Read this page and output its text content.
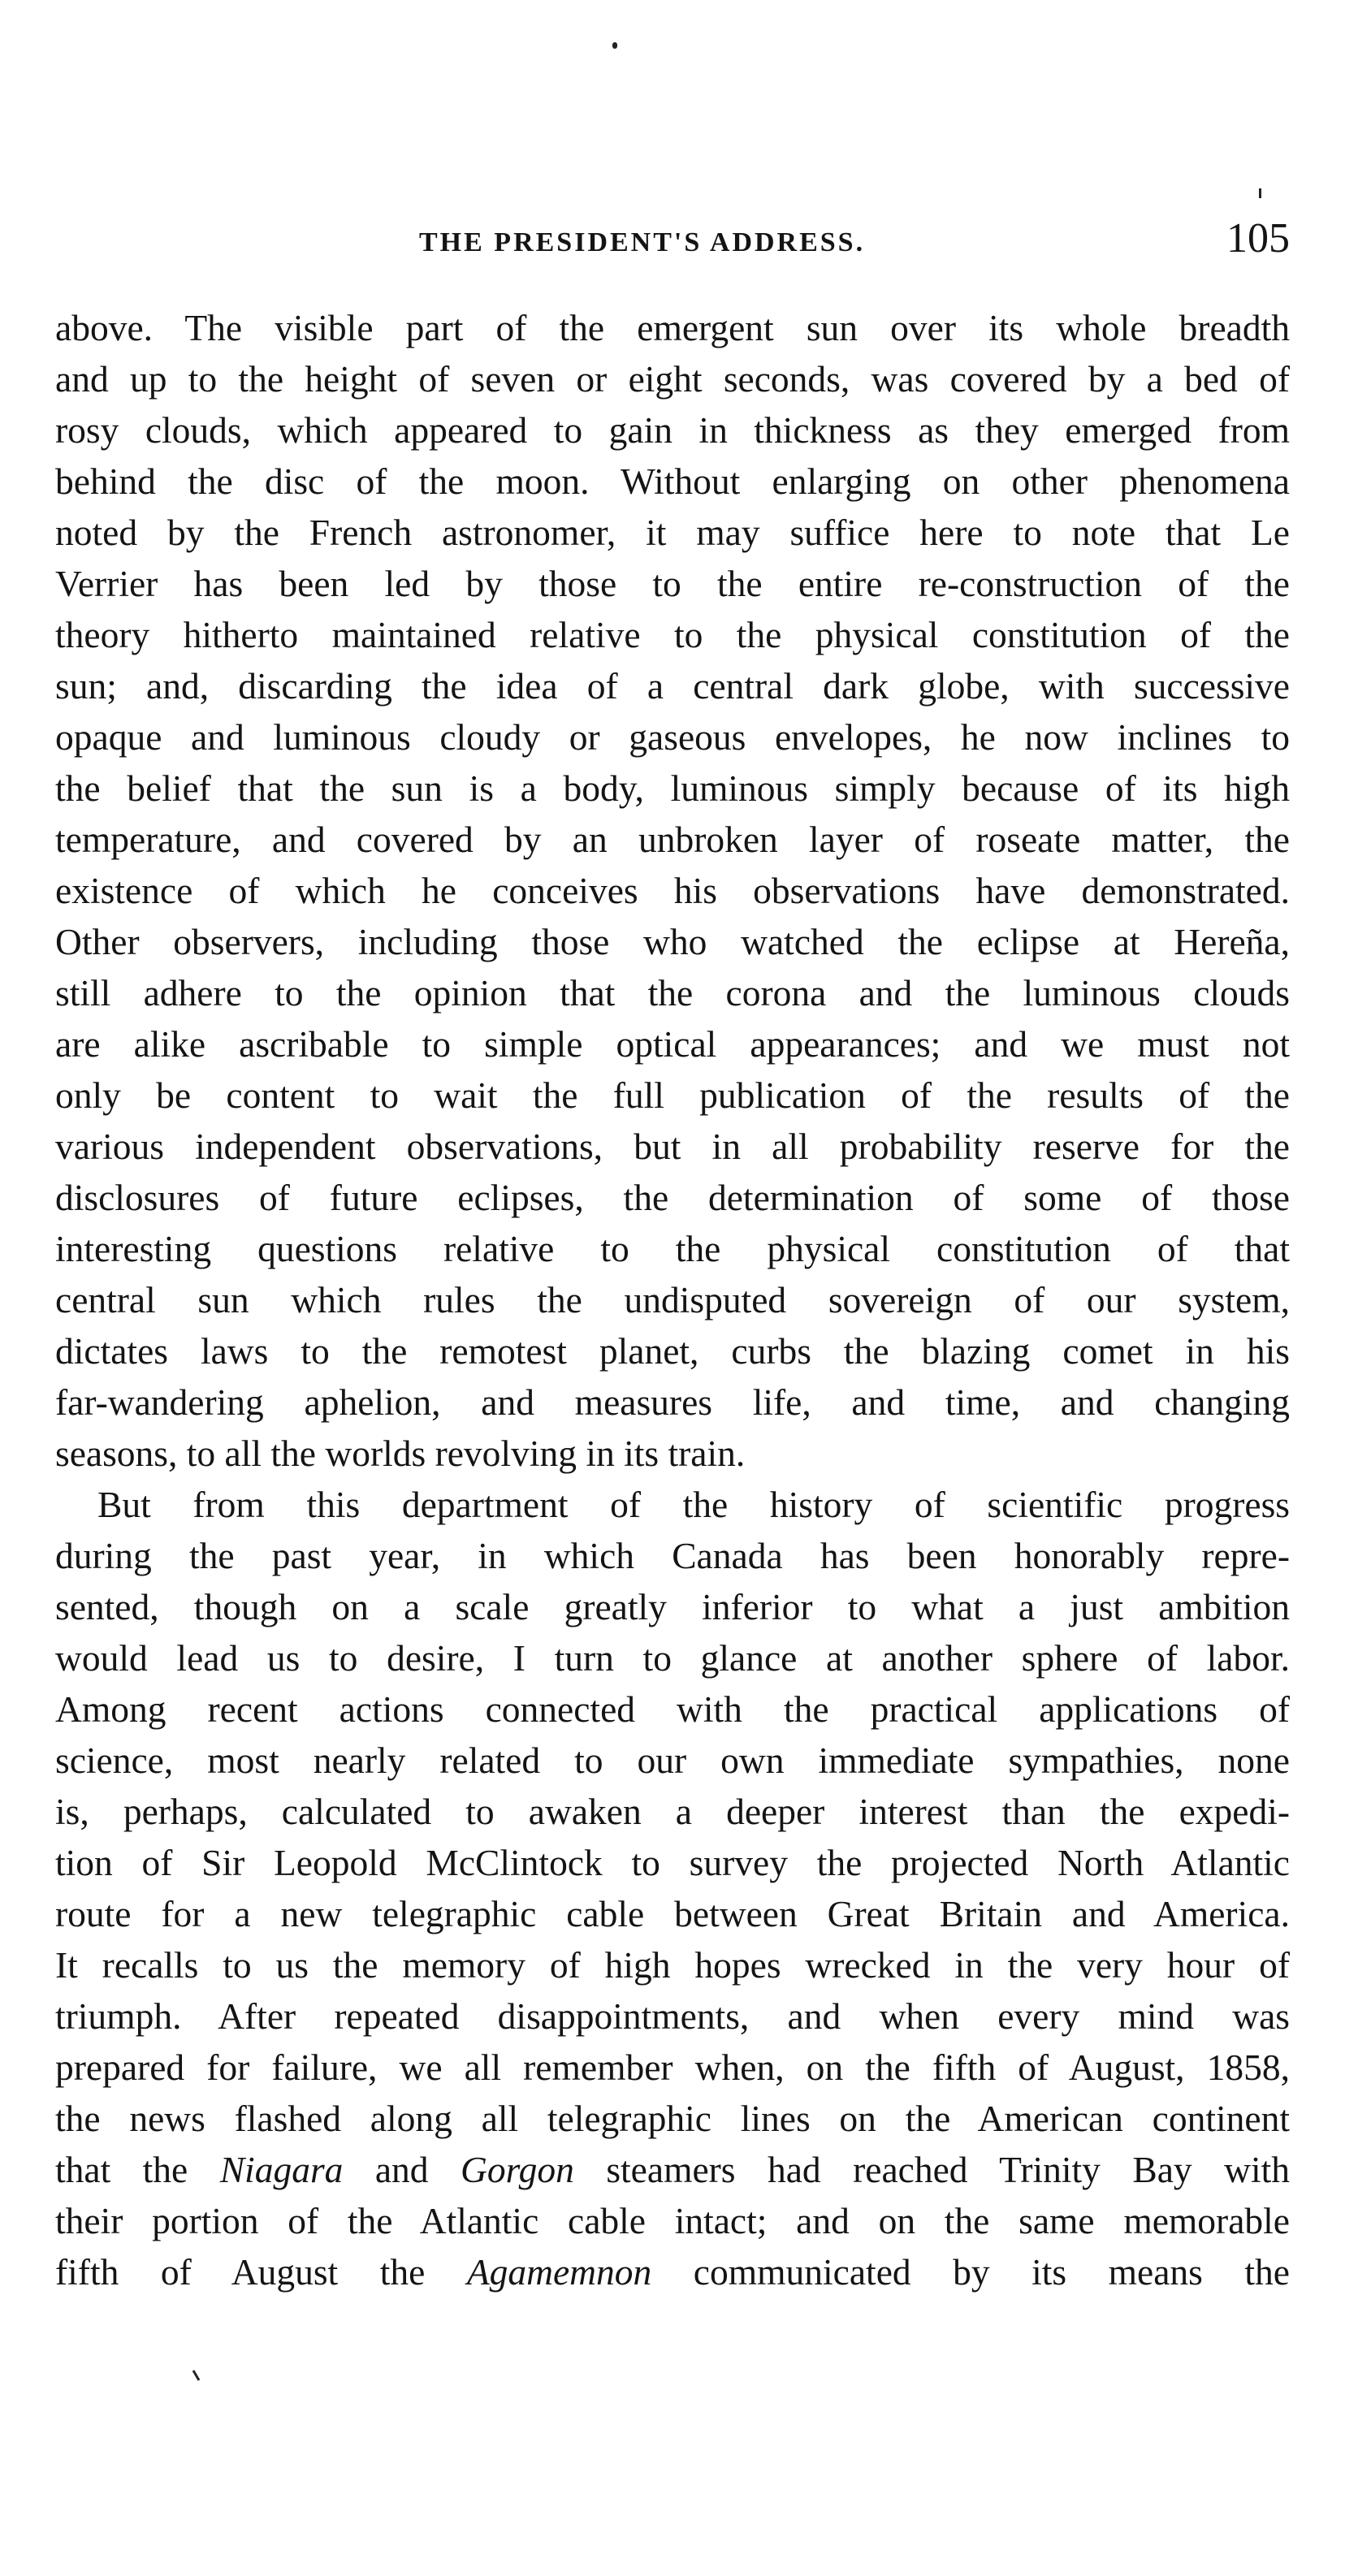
THE PRESIDENT'S ADDRESS.	105
above. The visible part of the emergent sun over its whole breadth
and up to the height of seven or eight seconds, was covered by a bed of
rosy clouds, which appeared to gain in thickness as they emerged from
behind the disc of the moon. Without enlarging on other phenomena
noted by the French astronomer, it may suffice here to note that Le
Verrier has been led by those to the entire re-construction of the
theory hitherto maintained relative to the physical constitution of the
sun; and, discarding the idea of a central dark globe, with successive
opaque and luminous cloudy or gaseous envelopes, he now inclines to
the belief that the sun is a body, luminous simply because of its high
temperature, and covered by an unbroken layer of roseate matter, the
existence of which he conceives his observations have demonstrated.
Other observers, including those who watched the eclipse at Hereña,
still adhere to the opinion that the corona and the luminous clouds
are alike ascribable to simple optical appearances; and we must not
only be content to wait the full publication of the results of the
various independent observations, but in all probability reserve for the
disclosures of future eclipses, the determination of some of those
interesting questions relative to the physical constitution of that
central sun which rules the undisputed sovereign of our system,
dictates laws to the remotest planet, curbs the blazing comet in his
far-wandering aphelion, and measures life, and time, and changing
seasons, to all the worlds revolving in its train.
But from this department of the history of scientific progress
during the past year, in which Canada has been honorably repre-
sented, though on a scale greatly inferior to what a just ambition
would lead us to desire, I turn to glance at another sphere of labor.
Among recent actions connected with the practical applications of
science, most nearly related to our own immediate sympathies, none
is, perhaps, calculated to awaken a deeper interest than the expedi-
tion of Sir Leopold McClintock to survey the projected North Atlantic
route for a new telegraphic cable between Great Britain and America.
It recalls to us the memory of high hopes wrecked in the very hour of
triumph. After repeated disappointments, and when every mind was
prepared for failure, we all remember when, on the fifth of August, 1858,
the news flashed along all telegraphic lines on the American continent
that the Niagara and Gorgon steamers had reached Trinity Bay with
their portion of the Atlantic cable intact; and on the same memorable
fifth of August the Agamemnon communicated by its means the
